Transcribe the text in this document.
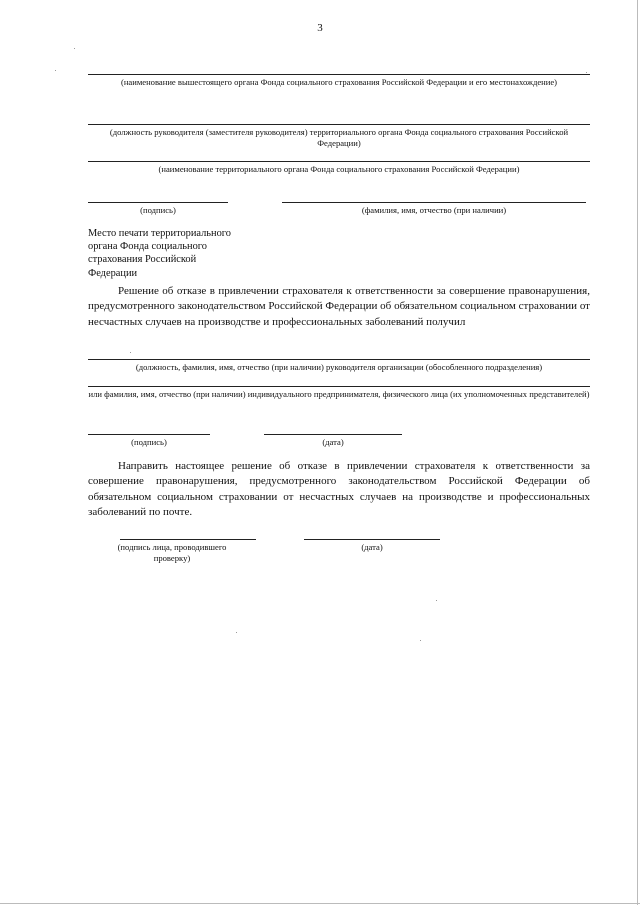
3
(наименование вышестоящего органа Фонда социального страхования Российской Федерации и его местонахождение)
(должность руководителя (заместителя руководителя) территориального органа Фонда социального страхования Российской Федерации)
(наименование территориального органа Фонда социального страхования Российской Федерации)
(подпись)	(фамилия, имя, отчество (при наличии)
Место печати территориального органа Фонда социального страхования Российской Федерации
Решение об отказе в привлечении страхователя к ответственности за совершение правонарушения, предусмотренного законодательством Российской Федерации об обязательном социальном страховании от несчастных случаев на производстве и профессиональных заболеваний получил
(должность, фамилия, имя, отчество (при наличии) руководителя организации (обособленного подразделения)
или фамилия, имя, отчество (при наличии) индивидуального предпринимателя, физического лица (их уполномоченных представителей)
(подпись)	(дата)
Направить настоящее решение об отказе в привлечении страхователя к ответственности за совершение правонарушения, предусмотренного законодательством Российской Федерации об обязательном социальном страховании от несчастных случаев на производстве и профессиональных заболеваний по почте.
(подпись лица, проводившего проверку)
(дата)
